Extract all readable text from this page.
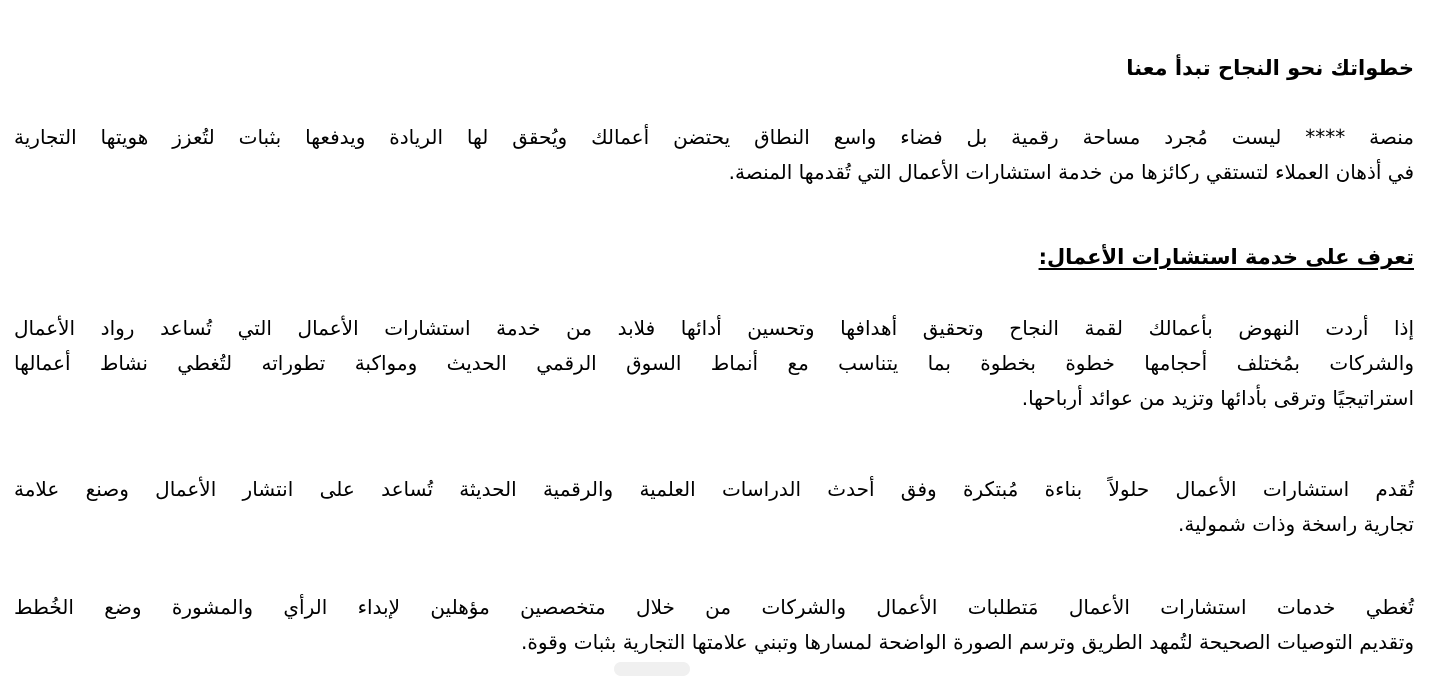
خطواتك نحو النجاح تبدأ معنا
منصة **** ليست مُجرد مساحة رقمية بل فضاء واسع النطاق يحتضن أعمالك ويُحقق لها الريادة ويدفعها بثبات لتُعزز هويتها التجارية
في أذهان العملاء لتستقي ركائزها من خدمة استشارات الأعمال التي تُقدمها المنصة.
تعرف على خدمة استشارات الأعمال:
إذا أردت النهوض بأعمالك لقمة النجاح وتحقيق أهدافها وتحسين أدائها فلابد من خدمة استشارات الأعمال التي تُساعد رواد الأعمال
والشركات بمُختلف أحجامها خطوة بخطوة بما يتناسب مع أنماط السوق الرقمي الحديث ومواكبة تطوراته لتُغطي نشاط أعمالها
استراتيجيًا وترقى بأدائها وتزيد من عوائد أرباحها.
تُقدم استشارات الأعمال حلولاً بناءة مُبتكرة وفق أحدث الدراسات العلمية والرقمية الحديثة تُساعد على انتشار الأعمال وصنع علامة
تجارية راسخة وذات شمولية.
تُغطي خدمات استشارات الأعمال مَتطلبات الأعمال والشركات من خلال متخصصين مؤهلين لإبداء الرأي والمشورة وضع الخُطط
وتقديم التوصيات الصحيحة لتُمهد الطريق وترسم الصورة الواضحة لمسارها وتبني علامتها التجارية بثبات وقوة.
